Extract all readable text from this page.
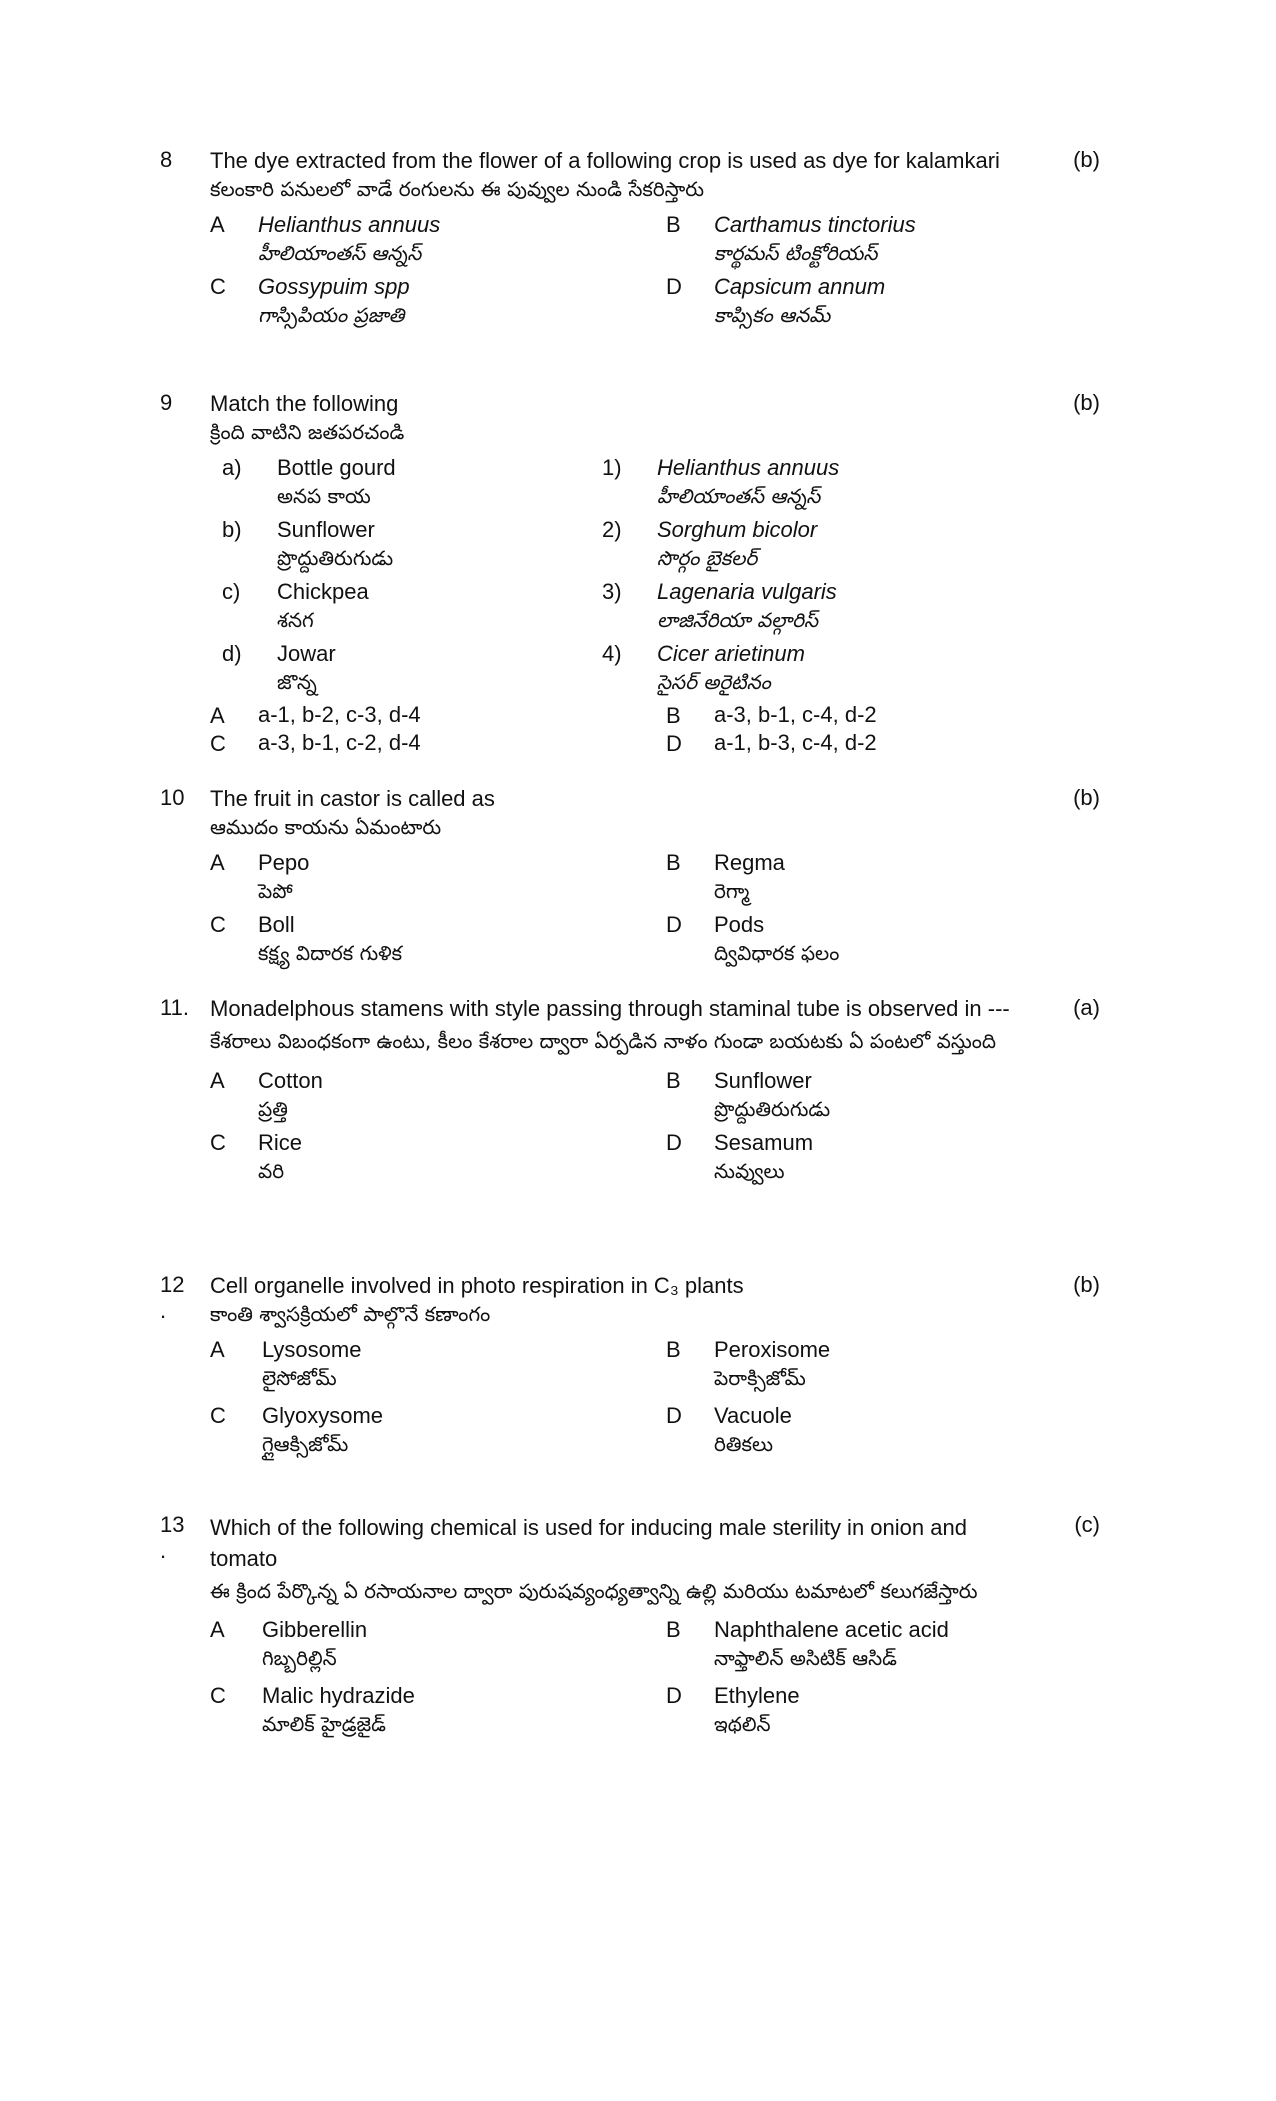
8	(b)
The dye extracted from the flower of a following crop is used as dye for kalamkari
కలంకారి పనులలో వాడే రంగులను ఈ పువ్వుల నుండి సేకరిస్తారు
A	Helianthus annuus
హీలియాంతస్ ఆన్నస్
B	Carthamus tinctorius
కార్థమస్ టింక్టోరియస్
C	Gossypuim spp
గాస్సిపియం ప్రజాతి
D	Capsicum annum
కాప్సికం ఆనమ్
9	(b)
Match the following
క్రింది వాటిని జతపరచండి
a)	Bottle gourd
అనప కాయ
1)	Helianthus annuus
హీలియాంతస్ ఆన్నస్
b)	Sunflower
ప్రొద్దుతిరుగుడు
2)	Sorghum bicolor
సొర్గం బైకలర్
c)	Chickpea
శనగ
3)	Lagenaria vulgaris
లాజినేరియా వల్గారిస్
d)	Jowar
జొన్న
4)	Cicer arietinum
సైసర్ అరైటినం
A	a-1, b-2, c-3, d-4	B	a-3, b-1, c-4, d-2
C	a-3, b-1, c-2, d-4	D	a-1, b-3, c-4, d-2
10	(b)
The fruit in castor is called as
ఆముదం కాయను ఏమంటారు
A	Pepo
పెపో
B	Regma
రెగ్మా
C	Boll
కక్ష్య విదారక గుళిక
D	Pods
ద్వివిధారక ఫలం
11.	(a)
Monadelphous stamens with style passing through staminal tube is observed in ---
కేశరాలు విబంధకంగా ఉంటు, కీలం కేశరాల ద్వారా ఏర్పడిన నాళం గుండా బయటకు ఏ పంటలో వస్తుంది
A	Cotton
ప్రత్తి
B	Sunflower
ప్రొద్దుతిరుగుడు
C	Rice
వరి
D	Sesamum
నువ్వులు
12
.
(b)
Cell organelle involved in photo respiration in C₃ plants
కాంతి శ్వాసక్రియలో పాల్గొనే కణాంగం
A	Lysosome
లైసోజోమ్
B	Peroxisome
పెరాక్సిజోమ్
C	Glyoxysome
గ్లైఆక్సిజోమ్
D	Vacuole
రితికలు
13
.
(c)
Which of the following chemical is used for inducing male sterility in onion and tomato
ఈ క్రింద పేర్కొన్న ఏ రసాయనాల ద్వారా పురుషవ్యంధ్యత్వాన్ని ఉల్లి మరియు టమాటలో కలుగజేస్తారు
A	Gibberellin
గిబ్బరిల్లిన్
B	Naphthalene acetic acid
నాఫ్తాలిన్ అసిటిక్ ఆసిడ్
C	Malic hydrazide
మాలిక్ హైడ్రజైడ్
D	Ethylene
ఇథలిన్
